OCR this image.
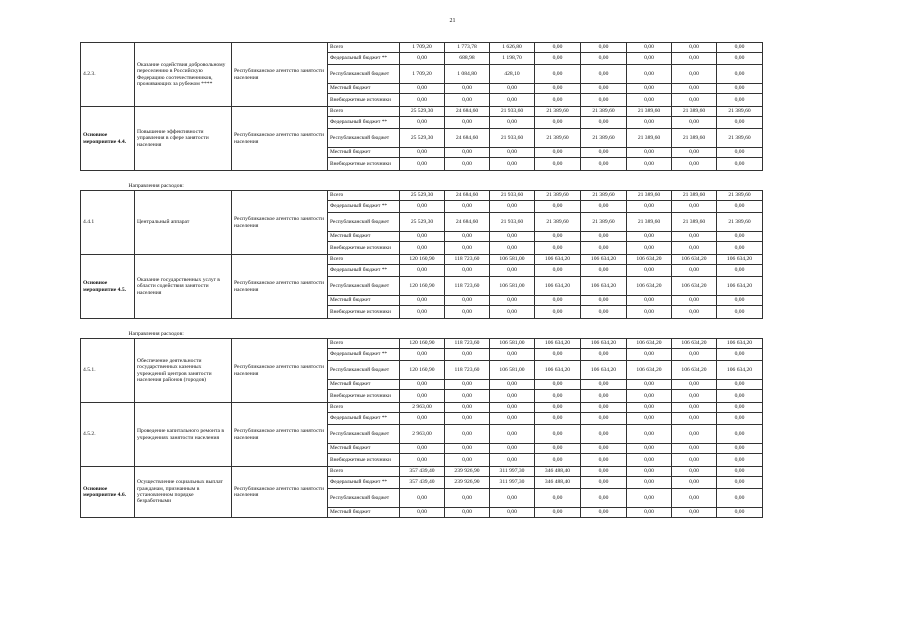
21
4.2.3.	Оказание содействия добровольному переселению в Российскую Федерацию соотечественников, проживающих за рубежом ****	Республиканское агентство занятости населения	Всего	1 709,20	1 773,78	1 626,80	0,00	0,00	0,00	0,00	0,00
			Федеральный бюджет **	0,00	688,98	1 198,70	0,00	0,00	0,00	0,00	0,00
			Республиканский бюджет	1 709,20	1 084,80	428,10	0,00	0,00	0,00	0,00	0,00
			Местный бюджет	0,00	0,00	0,00	0,00	0,00	0,00	0,00	0,00
			Внебюджетные источники	0,00	0,00	0,00	0,00	0,00	0,00	0,00	0,00
Основное мероприятие 4.4.	Повышение эффективности управления в сфере занятости населения	Республиканское агентство занятости населения	Всего	25 529,30	24 684,60	21 933,60	21 389,60	21 389,60	21 389,60	21 389,60	21 389,60
			Федеральный бюджет **	0,00	0,00	0,00	0,00	0,00	0,00	0,00	0,00
			Республиканский бюджет	25 529,30	24 684,60	21 933,60	21 389,60	21 389,60	21 389,60	21 389,60	21 389,60
			Местный бюджет	0,00	0,00	0,00	0,00	0,00	0,00	0,00	0,00
			Внебюджетные источники	0,00	0,00	0,00	0,00	0,00	0,00	0,00	0,00
Направления расходов:											
4.4.1	Центральный аппарат	Республиканское агентство занятости населения	Всего	25 529,30	24 684,60	21 933,60	21 389,60	21 389,60	21 389,60	21 389,60	21 389,60
			Федеральный бюджет **	0,00	0,00	0,00	0,00	0,00	0,00	0,00	0,00
			Республиканский бюджет	25 529,30	24 684,60	21 933,60	21 389,60	21 389,60	21 389,60	21 389,60	21 389,60
			Местный бюджет	0,00	0,00	0,00	0,00	0,00	0,00	0,00	0,00
			Внебюджетные источники	0,00	0,00	0,00	0,00	0,00	0,00	0,00	0,00
Основное мероприятие 4.5.	Оказание государственных услуг в области содействия занятости населения	Республиканское агентство занятости населения	Всего	120 160,90	118 723,60	106 581,00	106 634,20	106 634,20	106 634,20	106 634,20	106 634,20
			Федеральный бюджет **	0,00	0,00	0,00	0,00	0,00	0,00	0,00	0,00
			Республиканский бюджет	120 160,90	118 723,60	106 581,00	106 634,20	106 634,20	106 634,20	106 634,20	106 634,20
			Местный бюджет	0,00	0,00	0,00	0,00	0,00	0,00	0,00	0,00
			Внебюджетные источники	0,00	0,00	0,00	0,00	0,00	0,00	0,00	0,00
Направления расходов:											
4.5.1.	Обеспечение деятельности государственных казенных учреждений центров занятости населения районов (городов)	Республиканское агентство занятости населения	Всего	120 160,90	118 723,60	106 581,00	106 634,20	106 634,20	106 634,20	106 634,20	106 634,20
			Федеральный бюджет **	0,00	0,00	0,00	0,00	0,00	0,00	0,00	0,00
			Республиканский бюджет	120 160,90	118 723,60	106 581,00	106 634,20	106 634,20	106 634,20	106 634,20	106 634,20
			Местный бюджет	0,00	0,00	0,00	0,00	0,00	0,00	0,00	0,00
			Внебюджетные источники	0,00	0,00	0,00	0,00	0,00	0,00	0,00	0,00
4.5.2.	Проведение капитального ремонта в учреждениях занятости населения	Республиканское агентство занятости населения	Всего	2 963,00	0,00	0,00	0,00	0,00	0,00	0,00	0,00
			Федеральный бюджет **	0,00	0,00	0,00	0,00	0,00	0,00	0,00	0,00
			Республиканский бюджет	2 963,00	0,00	0,00	0,00	0,00	0,00	0,00	0,00
			Местный бюджет	0,00	0,00	0,00	0,00	0,00	0,00	0,00	0,00
			Внебюджетные источники	0,00	0,00	0,00	0,00	0,00	0,00	0,00	0,00
Основное мероприятие 4.6.	Осуществление социальных выплат гражданам, признанным в установленном порядке безработными	Республиканское агентство занятости населения	Всего	357 439,40	239 926,90	311 997,30	346 488,40	0,00	0,00	0,00	0,00
			Федеральный бюджет **	357 439,40	239 926,90	311 997,30	346 488,40	0,00	0,00	0,00	0,00
			Республиканский бюджет	0,00	0,00	0,00	0,00	0,00	0,00	0,00	0,00
			Местный бюджет	0,00	0,00	0,00	0,00	0,00	0,00	0,00	0,00
